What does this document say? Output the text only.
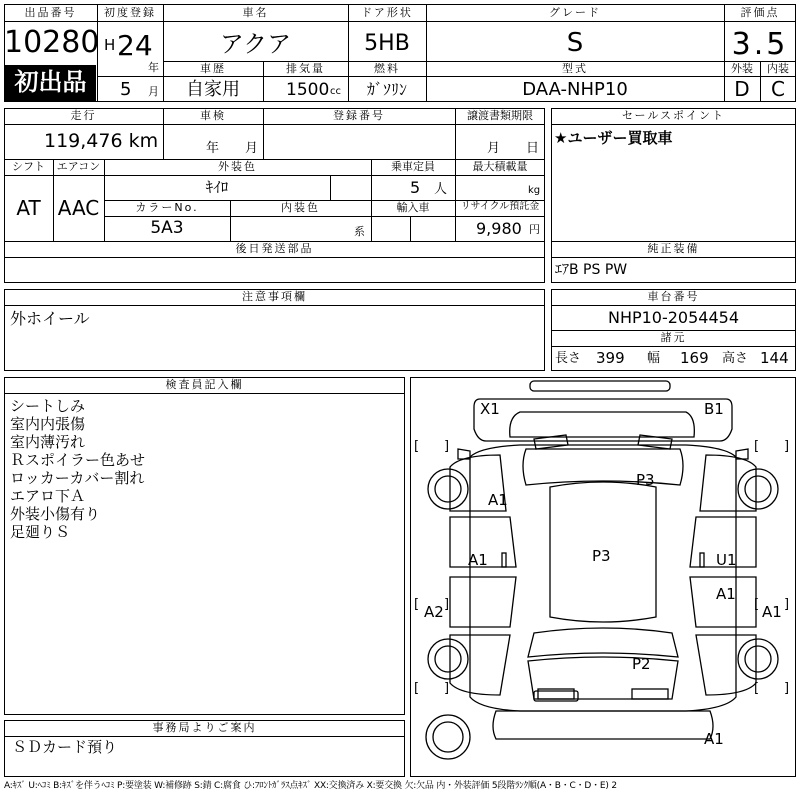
出品番号
10280
初出品
初度登録
H 24
年
5 月
車名
アクア
ドア形状
5HB
グレード
S
評価点
3.5
車歴
自家用
排気量
1500 cc
燃料
ｶﾞｿﾘﾝ
型式
DAA-NHP10
外装	内装
D	C
走行
119,476 km
車検
年 月
登録番号	譲渡書類期限
月 日
シフト	エアコン
AT AAC
外装色
ｷｲﾛ
乗車定員
5 人
最大積載量
kg
カラーNo.
5A3
内装色
系
輸入車	リサイクル預託金
9,980 円
後日発送部品
セールスポイント
★ユーザー買取車
純正装備
ｴｱB PS PW
注意事項欄
外ホイール
車台番号
NHP10-2054454
諸元
長さ 399 幅 169 高さ 144
検査員記入欄
シートしみ
室内内張傷
室内薄汚れ
Ｒスポイラー色あせ
ロッカーカバー割れ
エアロ下Ａ
外装小傷有り
足廻りＳ
事務局よりご案内
ＳＤカード預り
[ ]	[ ]
[ ]	[ ]
[ ]	[ ]
X1	B1
P3
A1
A1	P3	U1
A1
A1
A2
P2
A1
A:ｷｽﾞ U:ﾍｺﾐ B:ｷｽﾞを伴うﾍｺﾐ P:要塗装 W:補修跡 S:錆 C:腐食 ひ:ﾌﾛﾝﾄｶﾞﾗｽ点ｷｽﾞ XX:交換済み X:要交換 欠:欠品 内・外装評価 5段階ﾗﾝｸ順(A・B・C・D・E) 2
